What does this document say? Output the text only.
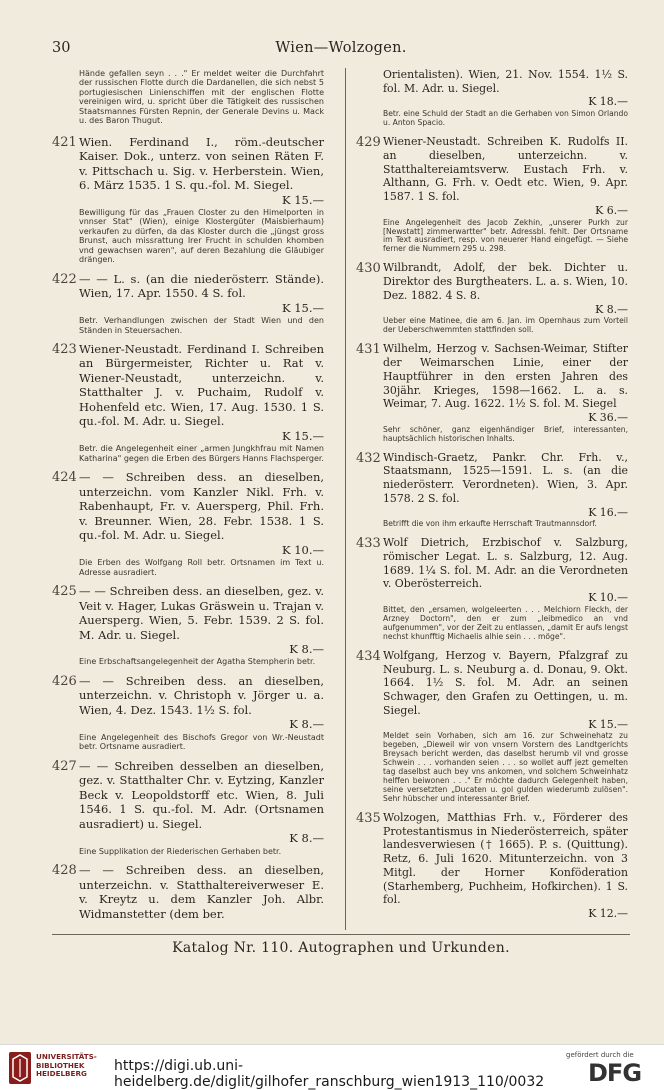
30	Wien—Wolzogen.
Hände gefallen seyn . . ." Er meldet weiter die Durchfahrt der russischen Flotte durch die Dardanellen, die sich nebst 5 portugiesischen Linienschiffen mit der englischen Flotte vereinigen wird, u. spricht über die Tätigkeit des russischen Staatsmannes Fürsten Repnin, der Generale Devins u. Mack u. des Baron Thugut.
421 Wien. Ferdinand I., röm.-deutscher Kaiser. Dok., unterz. von seinen Räten F. v. Pittschach u. Sig. v. Herberstein. Wien, 6. März 1535. 1 S. qu.-fol. M. Siegel.
K 15.—
Bewilligung für das „Frauen Closter zu den Himelporten in vnnser Stat" (Wien), einige Klostergüter (Maisbierhaum) verkaufen zu dürfen, da das Kloster durch die „jüngst gross Brunst, auch missrattung Irer Frucht in schulden khomben vnd gewachsen waren", auf deren Bezahlung die Gläubiger drängen.
422 — — L. s. (an die niederösterr. Stände). Wien, 17. Apr. 1550. 4 S. fol.
K 15.—
Betr. Verhandlungen zwischen der Stadt Wien und den Ständen in Steuersachen.
423 Wiener-Neustadt. Ferdinand I. Schreiben an Bürgermeister, Richter u. Rat v. Wiener-Neustadt, unterzeichn. v. Statthalter J. v. Puchaim, Rudolf v. Hohenfeld etc. Wien, 17. Aug. 1530. 1 S. qu.-fol. M. Adr. u. Siegel.
K 15.—
Betr. die Angelegenheit einer „armen Jungkhfrau mit Namen Katharina" gegen die Erben des Bürgers Hanns Flachsperger.
424 — — Schreiben dess. an dieselben, unterzeichn. vom Kanzler Nikl. Frh. v. Rabenhaupt, Fr. v. Auersperg, Phil. Frh. v. Breunner. Wien, 28. Febr. 1538. 1 S. qu.-fol. M. Adr. u. Siegel.
K 10.—
Die Erben des Wolfgang Roll betr. Ortsnamen im Text u. Adresse ausradiert.
425 — — Schreiben dess. an dieselben, gez. v. Veit v. Hager, Lukas Gräswein u. Trajan v. Auersperg. Wien, 5. Febr. 1539. 2 S. fol. M. Adr. u. Siegel.
K 8.—
Eine Erbschaftsangelegenheit der Agatha Stempherin betr.
426 — — Schreiben dess. an dieselben, unterzeichn. v. Christoph v. Jörger u. a. Wien, 4. Dez. 1543. 1½ S. fol.
K 8.—
Eine Angelegenheit des Bischofs Gregor von Wr.-Neustadt betr. Ortsname ausradiert.
427 — — Schreiben desselben an dieselben, gez. v. Statthalter Chr. v. Eytzing, Kanzler Beck v. Leopoldstorff etc. Wien, 8. Juli 1546. 1 S. qu.-fol. M. Adr. (Ortsnamen ausradiert) u. Siegel.
K 8.—
Eine Supplikation der Riederischen Gerhaben betr.
428 — — Schreiben dess. an dieselben, unterzeichn. v. Statthaltereiverweser E. v. Kreytz u. dem Kanzler Joh. Albr. Widmanstetter (dem ber.
Orientalisten). Wien, 21. Nov. 1554. 1½ S. fol. M. Adr. u. Siegel.
K 18.—
Betr. eine Schuld der Stadt an die Gerhaben von Simon Orlando u. Anton Spacio.
429 Wiener-Neustadt. Schreiben K. Rudolfs II. an dieselben, unterzeichn. v. Statthaltereiamtsverw. Eustach Frh. v. Althann, G. Frh. v. Oedt etc. Wien, 9. Apr. 1587. 1 S. fol.
K 6.—
Eine Angelegenheit des Jacob Zekhin, „unserer Purkh zur [Newstatt] zimmerwartter" betr. Adressbl. fehlt. Der Ortsname im Text ausradiert, resp. von neuerer Hand eingefügt. — Siehe ferner die Nummern 295 u. 298.
430 Wilbrandt, Adolf, der bek. Dichter u. Direktor des Burgtheaters. L. a. s. Wien, 10. Dez. 1882. 4 S. 8.
K 8.—
Ueber eine Matinee, die am 6. Jan. im Opernhaus zum Vorteil der Ueberschwemmten stattfinden soll.
431 Wilhelm, Herzog v. Sachsen-Weimar, Stifter der Weimarschen Linie, einer der Hauptführer in den ersten Jahren des 30jähr. Krieges, 1598—1662. L. a. s. Weimar, 7. Aug. 1622. 1½ S. fol. M. Siegel
K 36.—
Sehr schöner, ganz eigenhändiger Brief, interessanten, hauptsächlich historischen Inhalts.
432 Windisch-Graetz, Pankr. Chr. Frh. v., Staatsmann, 1525—1591. L. s. (an die niederösterr. Verordneten). Wien, 3. Apr. 1578. 2 S. fol.
K 16.—
Betrifft die von ihm erkaufte Herrschaft Trautmannsdorf.
433 Wolf Dietrich, Erzbischof v. Salzburg, römischer Legat. L. s. Salzburg, 12. Aug. 1689. 1¼ S. fol. M. Adr. an die Verordneten v. Oberösterreich.
K 10.—
Bittet, den „ersamen, wolgeleerten . . . Melchiorn Fleckh, der Arzney Doctorn", den er zum „leibmedico an vnd aufgenummen", vor der Zeit zu entlassen, „damit Er aufs lengst nechst khunfftig Michaelis alhie sein . . . möge".
434 Wolfgang, Herzog v. Bayern, Pfalzgraf zu Neuburg. L. s. Neuburg a. d. Donau, 9. Okt. 1664. 1½ S. fol. M. Adr. an seinen Schwager, den Grafen zu Oettingen, u. m. Siegel.
K 15.—
Meldet sein Vorhaben, sich am 16. zur Schweinehatz zu begeben, „Dieweil wir von vnsern Vorstern des Landtgerichts Breysach bericht werden, das daselbst herumb vil vnd grosse Schwein . . . vorhanden seien . . . so wollet auff jezt gemelten tag daselbst auch bey vns ankomen, vnd solchem Schweinhatz helffen beiwonen . . ." Er möchte dadurch Gelegenheit haben, seine versetzten „Ducaten u. gol gulden wiederumb zulösen". Sehr hübscher und interessanter Brief.
435 Wolzogen, Matthias Frh. v., Förderer des Protestantismus in Niederösterreich, später landesverwiesen († 1665). P. s. (Quittung). Retz, 6. Juli 1620. Mitunterzeichn. von 3 Mitgl. der Horner Konföderation (Starhemberg, Puchheim, Hofkirchen). 1 S. fol.
K 12.—
Katalog Nr. 110. Autographen und Urkunden.
UNIVERSITÄTS-
BIBLIOTHEK
HEIDELBERG	https://digi.ub.uni-heidelberg.de/diglit/gilhofer_ranschburg_wien1913_110/0032
gefördert durch die
DFG
